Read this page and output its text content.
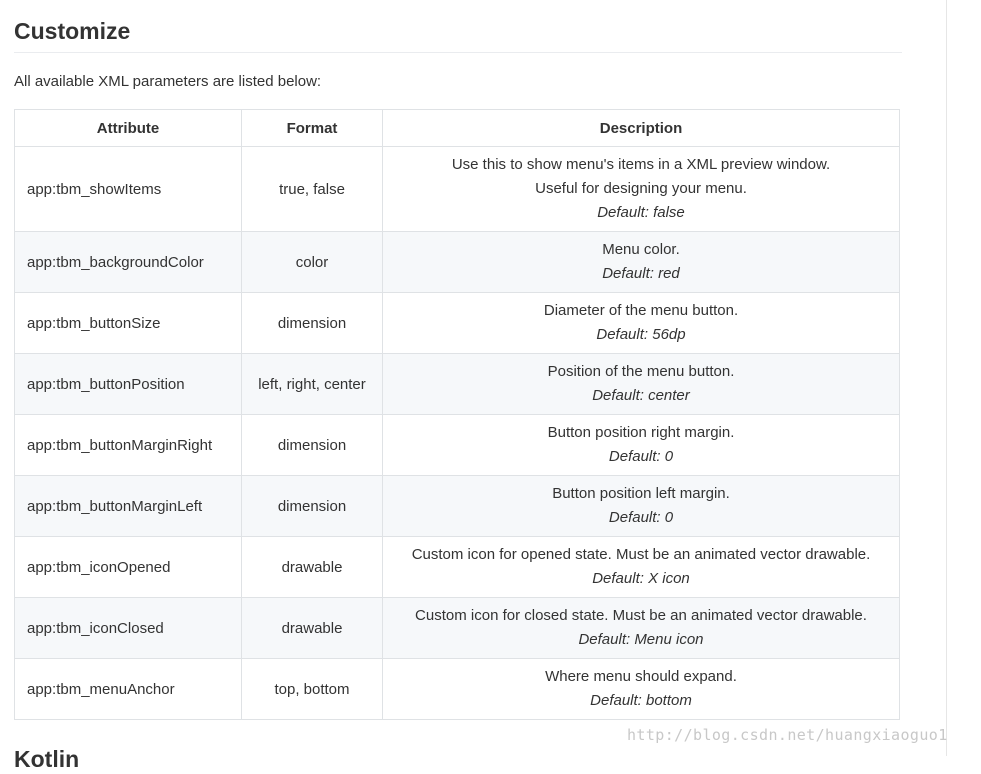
Customize

All available XML parameters are listed below:

Attribute	Format	Description
app:tbm_showItems	true, false	Use this to show menu's items in a XML preview window.
Useful for designing your menu.
Default: false

app:tbm_backgroundColor	color	Menu color.
Default: red

app:tbm_buttonSize	dimension	Diameter of the menu button.
Default: 56dp

app:tbm_buttonPosition	left, right, center	Position of the menu button.
Default: center

app:tbm_buttonMarginRight	dimension	Button position right margin.
Default: 0

app:tbm_buttonMarginLeft	dimension	Button position left margin.
Default: 0

app:tbm_iconOpened	drawable	Custom icon for opened state. Must be an animated vector drawable.
Default: X icon

app:tbm_iconClosed	drawable	Custom icon for closed state. Must be an animated vector drawable.
Default: Menu icon

app:tbm_menuAnchor	top, bottom	Where menu should expand.
Default: bottom
Kotlin
http://blog.csdn.net/huangxiaoguo1
